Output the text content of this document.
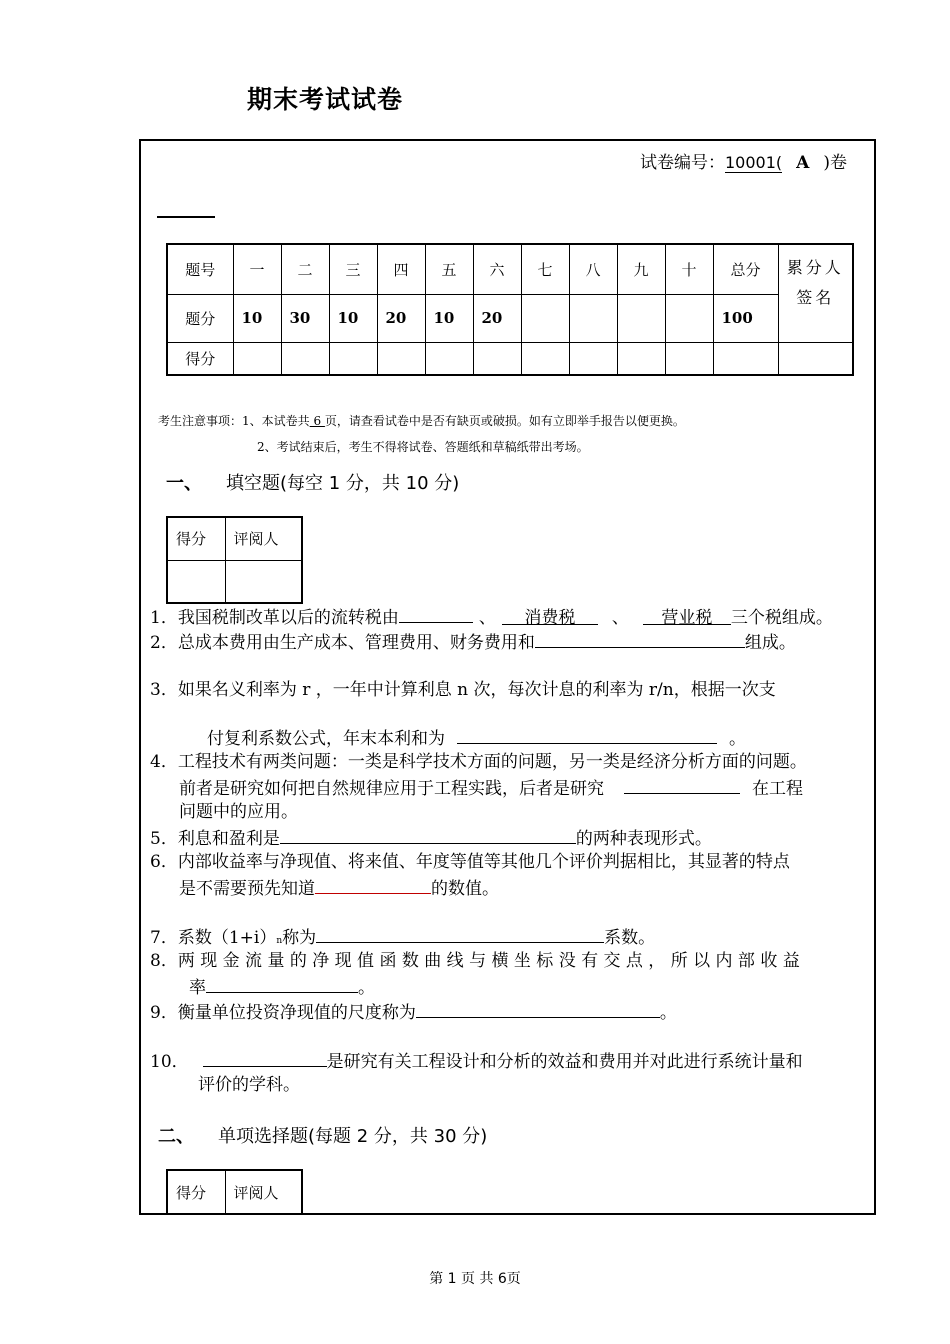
期末考试试卷
试卷编号：10001( A )卷
题号	一	二	三	四	五	六	七	八	九	十	总分	累分人签名
题分	10	30	10	20	10	20					100	
得分												
考生注意事项：1、本试卷共 6 页，请查看试卷中是否有缺页或破损。如有立即举手报告以便更换。
2、考试结束后，考生不得将试卷、答题纸和草稿纸带出考场。
一、 填空题(每空 1 分，共 10 分)
得分	评阅人

1．我国税制改革以后的流转税由	、 消费税 、 营业税 三个税组成。
2．总成本费用由生产成本、管理费用、财务费用和	组成。
3．如果名义利率为 r ，一年中计算利息 n 次，每次计息的利率为 r/n，根据一次支
付复利系数公式，年末本利和为	。
4．工程技术有两类问题：一类是科学技术方面的问题，另一类是经济分析方面的问题。
前者是研究如何把自然规律应用于工程实践，后者是研究	在工程
问题中的应用。
5．利息和盈利是	的两种表现形式。
6．内部收益率与净现值、将来值、年度等值等其他几个评价判据相比，其显著的特点
是不需要预先知道	的数值。
7．系数（1+i）n称为	系数。
8．两 现 金 流 量 的 净 现 值 函 数 曲 线 与 横 坐 标 没 有 交 点 ， 所 以 内 部 收 益
率	。
9．衡量单位投资净现值的尺度称为	。
10．	是研究有关工程设计和分析的效益和费用并对此进行系统计量和
评价的学科。
二、 单项选择题(每题 2 分，共 30 分)
得分	评阅人
第 1 页 共 6页
